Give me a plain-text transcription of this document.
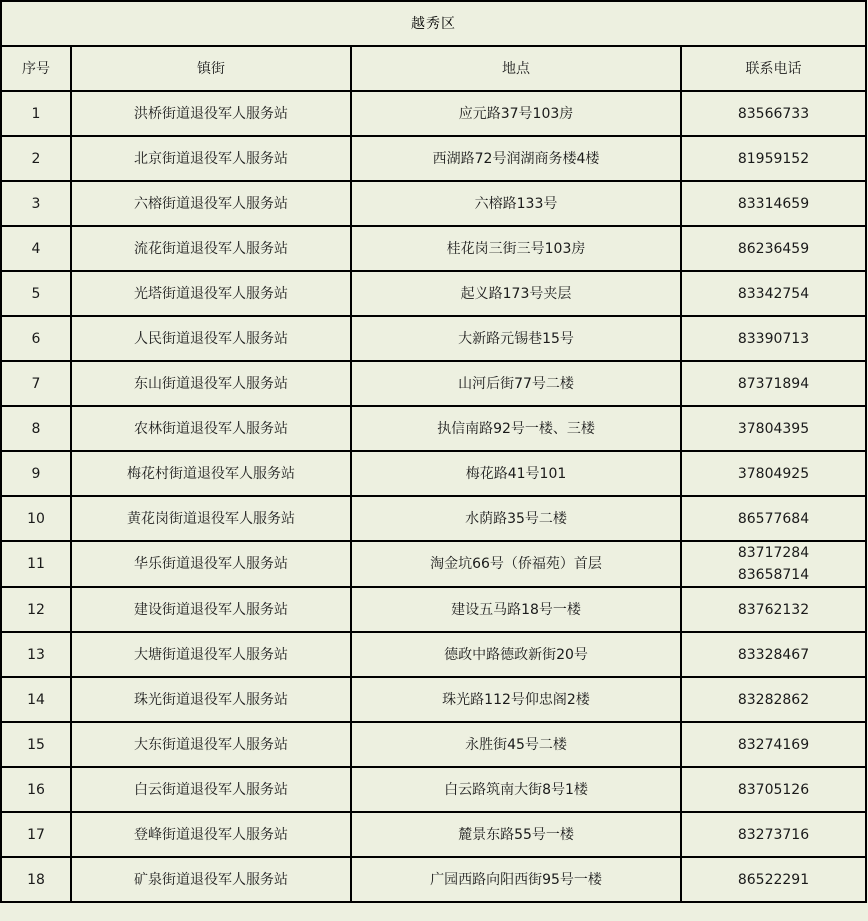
越秀区			
序号	镇街	地点	联系电话
1	洪桥街道退役军人服务站	应元路37号103房	83566733

2	北京街道退役军人服务站	西湖路72号润湖商务楼4楼	81959152

3	六榕街道退役军人服务站	六榕路133号	83314659

4	流花街道退役军人服务站	桂花岗三街三号103房	86236459

5	光塔街道退役军人服务站	起义路173号夹层	83342754

6	人民街道退役军人服务站	大新路元锡巷15号	83390713

7	东山街道退役军人服务站	山河后街77号二楼	87371894

8	农林街道退役军人服务站	执信南路92号一楼、三楼	37804395

9	梅花村街道退役军人服务站	梅花路41号101	37804925

10	黄花岗街道退役军人服务站	水荫路35号二楼	86577684

11	华乐街道退役军人服务站	淘金坑66号（侨福苑）首层	83717284
83658714

12	建设街道退役军人服务站	建设五马路18号一楼	83762132

13	大塘街道退役军人服务站	德政中路德政新街20号	83328467

14	珠光街道退役军人服务站	珠光路112号仰忠阁2楼	83282862

15	大东街道退役军人服务站	永胜街45号二楼	83274169

16	白云街道退役军人服务站	白云路筑南大街8号1楼	83705126

17	登峰街道退役军人服务站	麓景东路55号一楼	83273716

18	矿泉街道退役军人服务站	广园西路向阳西街95号一楼	86522291
